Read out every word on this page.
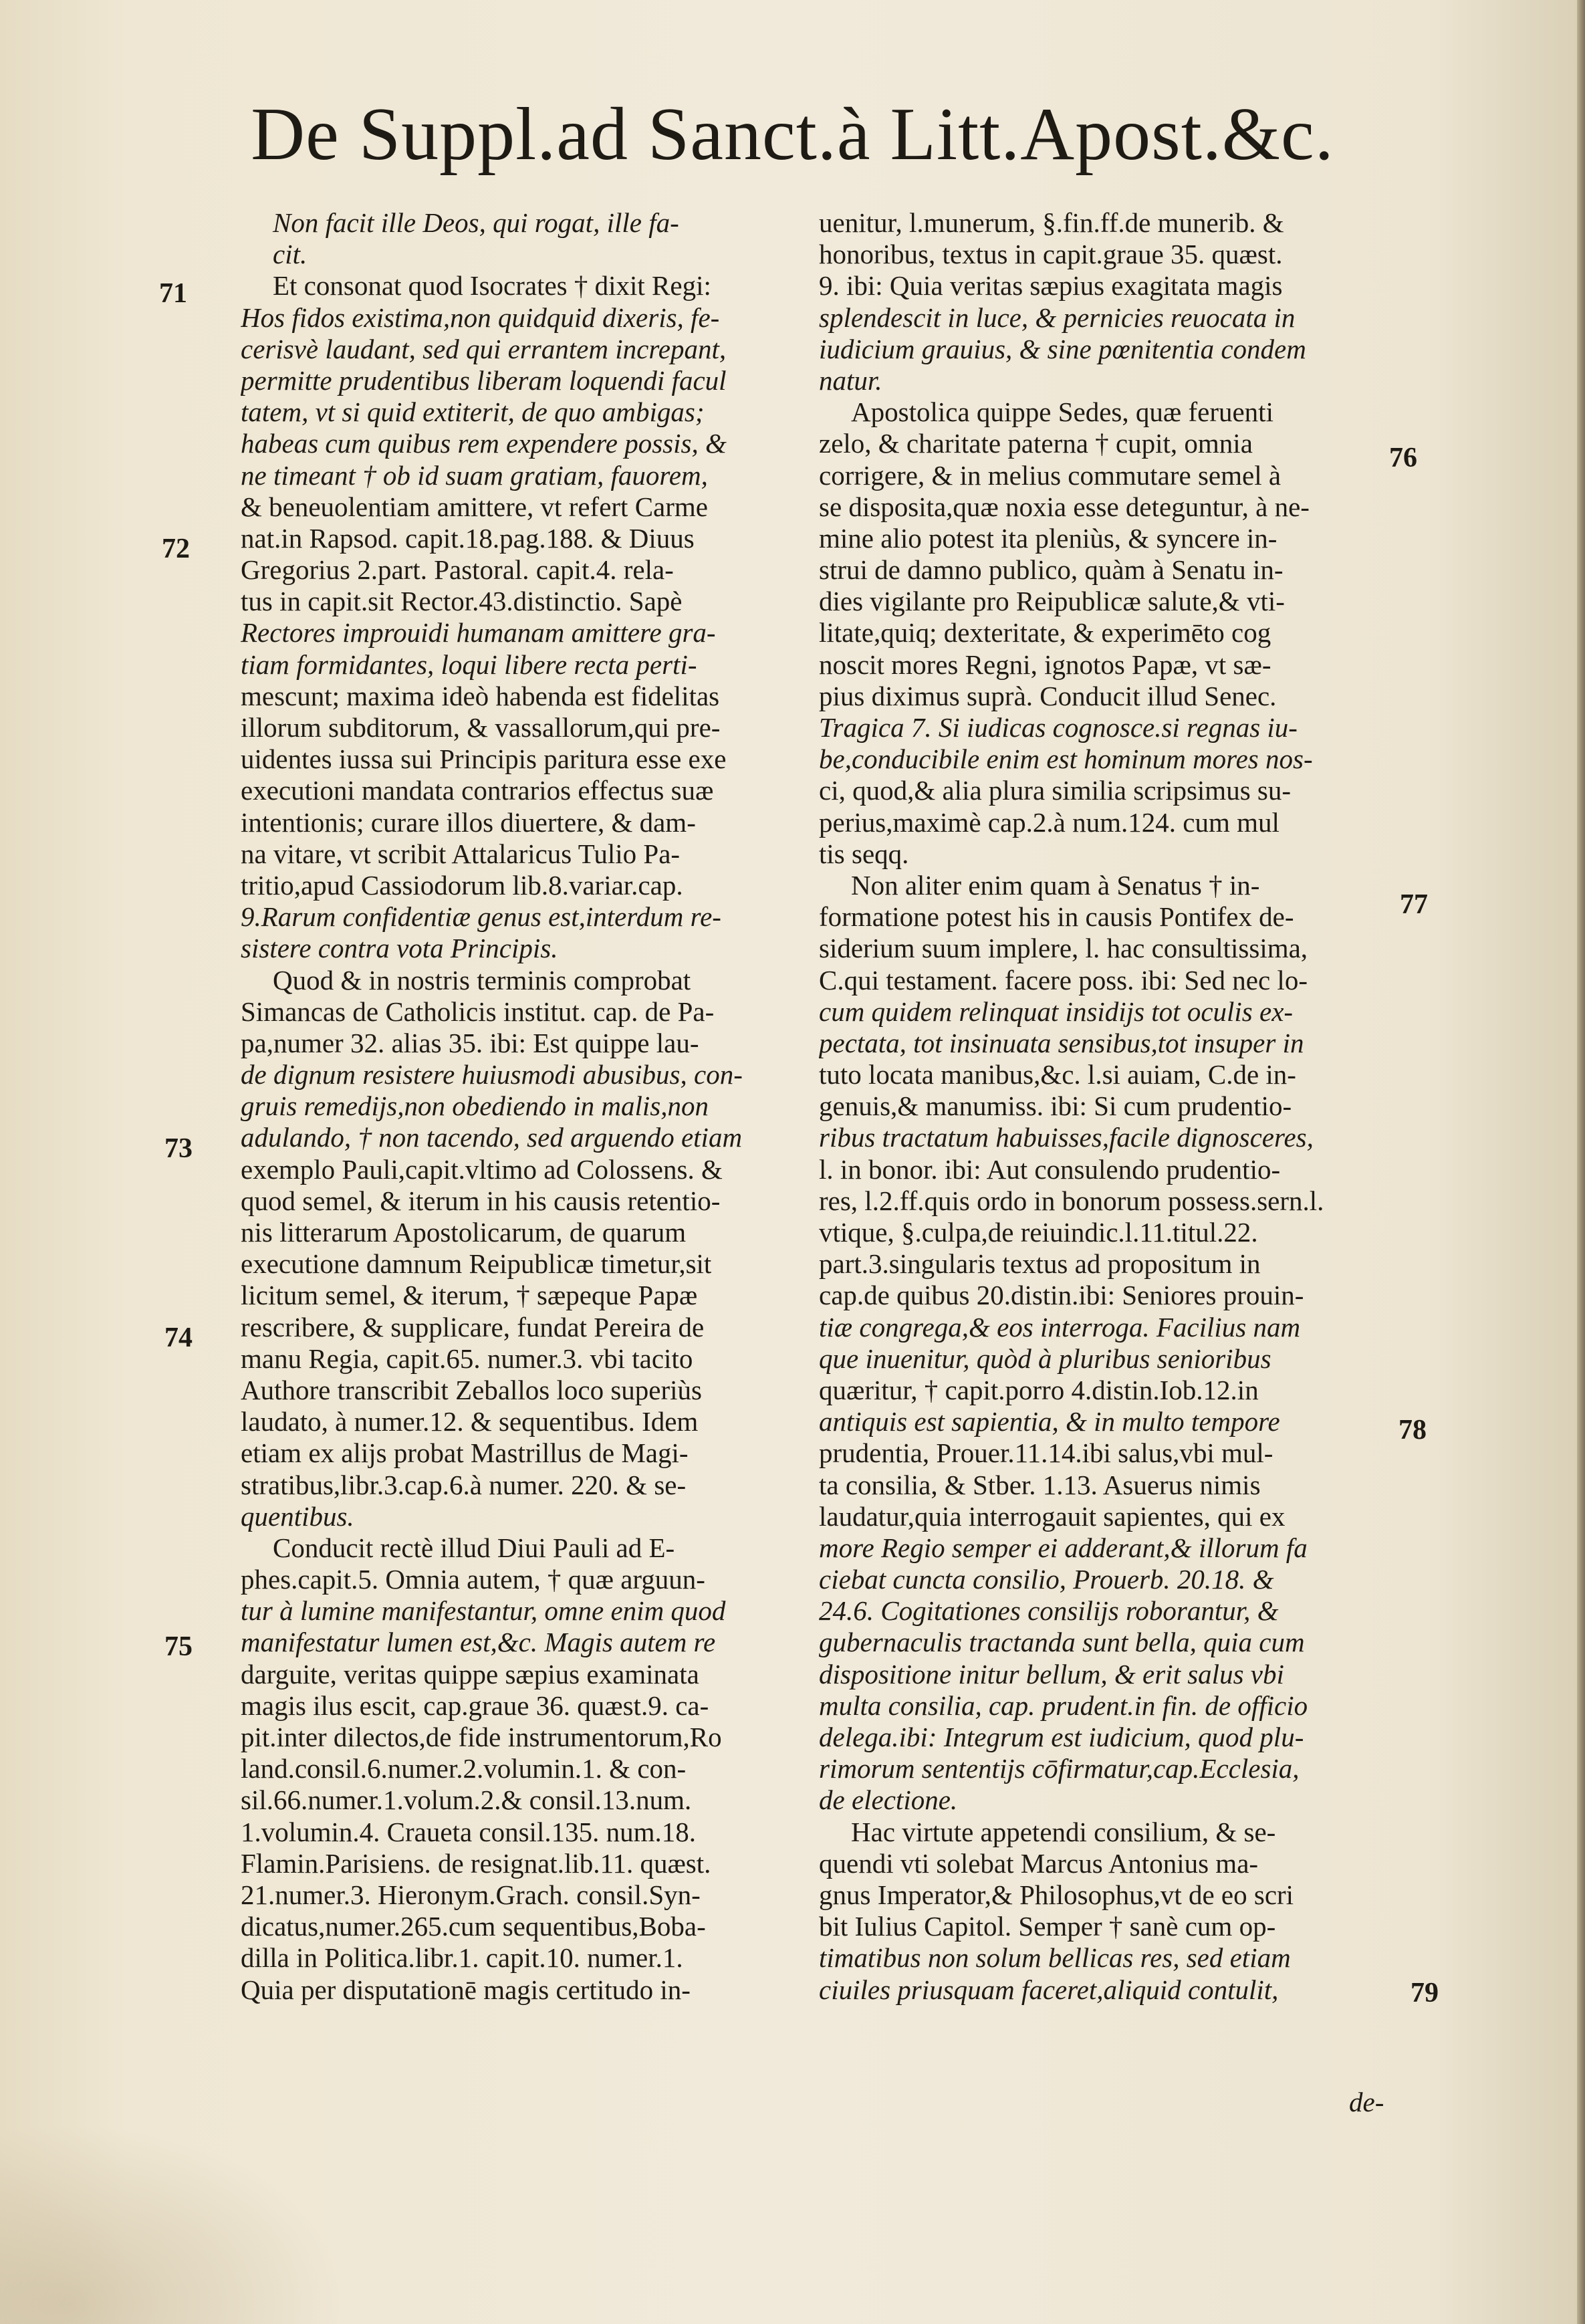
De Suppl.ad Sanct.à Litt.Apost.&c.
Non facit ille Deos, qui rogat, ille fa-
cit.
Et consonat quod Isocrates † dixit Regi:
Hos fidos existima,non quidquid dixeris, fe-
cerisvè laudant, sed qui errantem increpant,
permitte prudentibus liberam loquendi facul
tatem, vt si quid extiterit, de quo ambigas;
habeas cum quibus rem expendere possis, &
ne timeant † ob id suam gratiam, fauorem,
& beneuolentiam amittere, vt refert Carme
nat.in Rapsod. capit.18.pag.188. & Diuus
Gregorius 2.part. Pastoral. capit.4. rela-
tus in capit.sit Rector.43.distinctio. Sapè
Rectores improuidi humanam amittere gra-
tiam formidantes, loqui libere recta perti-
mescunt; maxima ideò habenda est fidelitas
illorum subditorum, & vassallorum,qui pre-
uidentes iussa sui Principis paritura esse exe
executioni mandata contrarios effectus suæ
intentionis; curare illos diuertere, & dam-
na vitare, vt scribit Attalaricus Tulio Pa-
tritio,apud Cassiodorum lib.8.variar.cap.
9.Rarum confidentiæ genus est,interdum re-
sistere contra vota Principis.
Quod & in nostris terminis comprobat
Simancas de Catholicis institut. cap. de Pa-
pa,numer 32. alias 35. ibi: Est quippe lau-
de dignum resistere huiusmodi abusibus, con-
gruis remedijs,non obediendo in malis,non
adulando, † non tacendo, sed arguendo etiam
exemplo Pauli,capit.vltimo ad Colossens. &
quod semel, & iterum in his causis retentio-
nis litterarum Apostolicarum, de quarum
executione damnum Reipublicæ timetur,sit
licitum semel, & iterum, † sæpeque Papæ
rescribere, & supplicare, fundat Pereira de
manu Regia, capit.65. numer.3. vbi tacito
Authore transcribit Zeballos loco superiùs
laudato, à numer.12. & sequentibus. Idem
etiam ex alijs probat Mastrillus de Magi-
stratibus,libr.3.cap.6.à numer. 220. & se-
quentibus.
Conducit rectè illud Diui Pauli ad E-
phes.capit.5. Omnia autem, † quæ arguun-
tur à lumine manifestantur, omne enim quod
manifestatur lumen est,&c. Magis autem re
darguite, veritas quippe sæpius examinata
magis ilus escit, cap.graue 36. quæst.9. ca-
pit.inter dilectos,de fide instrumentorum,Ro
land.consil.6.numer.2.volumin.1. & con-
sil.66.numer.1.volum.2.& consil.13.num.
1.volumin.4. Craueta consil.135. num.18.
Flamin.Parisiens. de resignat.lib.11. quæst.
21.numer.3. Hieronym.Grach. consil.Syn-
dicatus,numer.265.cum sequentibus,Boba-
dilla in Politica.libr.1. capit.10. numer.1.
Quia per disputationē magis certitudo in-
uenitur, l.munerum, §.fin.ff.de munerib. &
honoribus, textus in capit.graue 35. quæst.
9. ibi: Quia veritas sæpius exagitata magis
splendescit in luce, & pernicies reuocata in
iudicium grauius, & sine pœnitentia condem
natur.
Apostolica quippe Sedes, quæ feruenti
zelo, & charitate paterna † cupit, omnia
corrigere, & in melius commutare semel à
se disposita,quæ noxia esse deteguntur, à ne-
mine alio potest ita pleniùs, & syncere in-
strui de damno publico, quàm à Senatu in-
dies vigilante pro Reipublicæ salute,& vti-
litate,quiq; dexteritate, & experimēto cog
noscit mores Regni, ignotos Papæ, vt sæ-
pius diximus suprà. Conducit illud Senec.
Tragica 7. Si iudicas cognosce.si regnas iu-
be,conducibile enim est hominum mores nos-
ci, quod,& alia plura similia scripsimus su-
perius,maximè cap.2.à num.124. cum mul
tis seqq.
Non aliter enim quam à Senatus † in-
formatione potest his in causis Pontifex de-
siderium suum implere, l. hac consultissima,
C.qui testament. facere poss. ibi: Sed nec lo-
cum quidem relinquat insidijs tot oculis ex-
pectata, tot insinuata sensibus,tot insuper in
tuto locata manibus,&c. l.si auiam, C.de in-
genuis,& manumiss. ibi: Si cum prudentio-
ribus tractatum habuisses,facile dignosceres,
l. in bonor. ibi: Aut consulendo prudentio-
res, l.2.ff.quis ordo in bonorum possess.sern.l.
vtique, §.culpa,de reiuindic.l.11.titul.22.
part.3.singularis textus ad propositum in
cap.de quibus 20.distin.ibi: Seniores prouin-
tiæ congrega,& eos interroga. Facilius nam
que inuenitur, quòd à pluribus senioribus
quæritur, † capit.porro 4.distin.Iob.12.in
antiquis est sapientia, & in multo tempore
prudentia, Prouer.11.14.ibi salus,vbi mul-
ta consilia, & Stber. 1.13. Asuerus nimis
laudatur,quia interrogauit sapientes, qui ex
more Regio semper ei adderant,& illorum fa
ciebat cuncta consilio, Prouerb. 20.18. &
24.6. Cogitationes consilijs roborantur, &
gubernaculis tractanda sunt bella, quia cum
dispositione initur bellum, & erit salus vbi
multa consilia, cap. prudent.in fin. de officio
delega.ibi: Integrum est iudicium, quod plu-
rimorum sententijs cōfirmatur,cap.Ecclesia,
de electione.
Hac virtute appetendi consilium, & se-
quendi vti solebat Marcus Antonius ma-
gnus Imperator,& Philosophus,vt de eo scri
bit Iulius Capitol. Semper † sanè cum op-
timatibus non solum bellicas res, sed etiam
ciuiles priusquam faceret,aliquid contulit,
71
72
73
74
75
76
77
78
79
de-
